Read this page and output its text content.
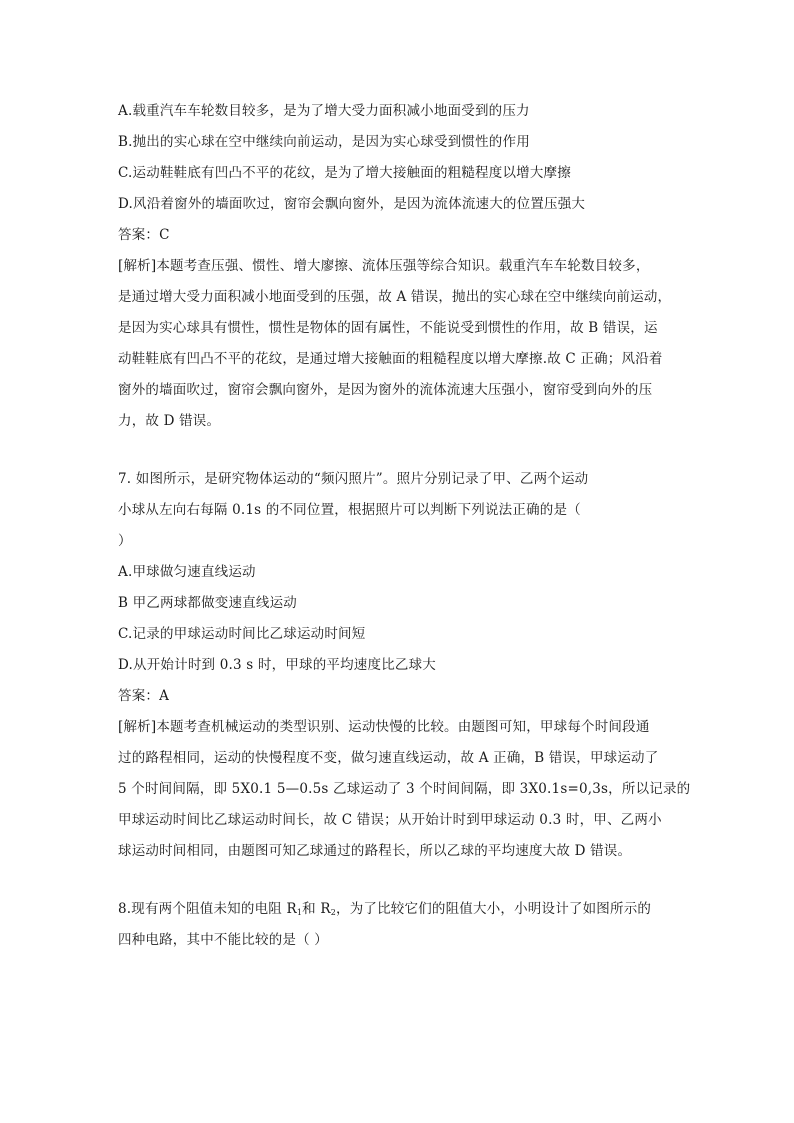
A.载重汽车车轮数目较多，是为了增大受力面积减小地面受到的压力
B.抛出的实心球在空中继续向前运动，是因为实心球受到惯性的作用
C.运动鞋鞋底有凹凸不平的花纹，是为了增大接触面的粗糙程度以增大摩擦
D.风沿着窗外的墙面吹过，窗帘会飘向窗外，是因为流体流速大的位置压强大
答案：C
[解析]本题考查压强、惯性、增大廖擦、流体压强等综合知识。载重汽车车轮数目较多，
是通过增大受力面积减小地面受到的压强，故 A 错误，抛出的实心球在空中继续向前运动，
是因为实心球具有惯性，惯性是物体的固有属性，不能说受到惯性的作用，故 B 错误，运
动鞋鞋底有凹凸不平的花纹，是通过增大接触面的粗糙程度以增大摩擦.故 C 正确；风沿着
窗外的墙面吹过，窗帘会飘向窗外，是因为窗外的流体流速大压强小，窗帘受到向外的压
力，故 D 错误。
7. 如图所示，是研究物体运动的“频闪照片”。照片分别记录了甲、乙两个运动
小球从左向右每隔 0.1s 的不同位置，根据照片可以判断下列说法正确的是（
）
A.甲球做匀速直线运动
B 甲乙两球都做变速直线运动
C.记录的甲球运动时间比乙球运动时间短
D.从开始计时到 0.3 s 时，甲球的平均速度比乙球大
答案：A
[解析]本题考查机械运动的类型识别、运动快慢的比较。由题图可知，甲球每个时间段通
过的路程相同，运动的快慢程度不变，做匀速直线运动，故 A 正确，B 错误，甲球运动了
5 个时间间隔，即 5X0.1 5—0.5s 乙球运动了 3 个时间间隔，即 3X0.1s=0,3s，所以记录的
甲球运动时间比乙球运动时间长，故 C 错误；从开始计时到甲球运动 0.3 时，甲、乙两小
球运动时间相同，由题图可知乙球通过的路程长，所以乙球的平均速度大故 D 错误。
8.现有两个阻值未知的电阻 $R_1$和 $R_2$，为了比较它们的阻值大小，小明设计了如图所示的
四种电路，其中不能比较的是（ ）
